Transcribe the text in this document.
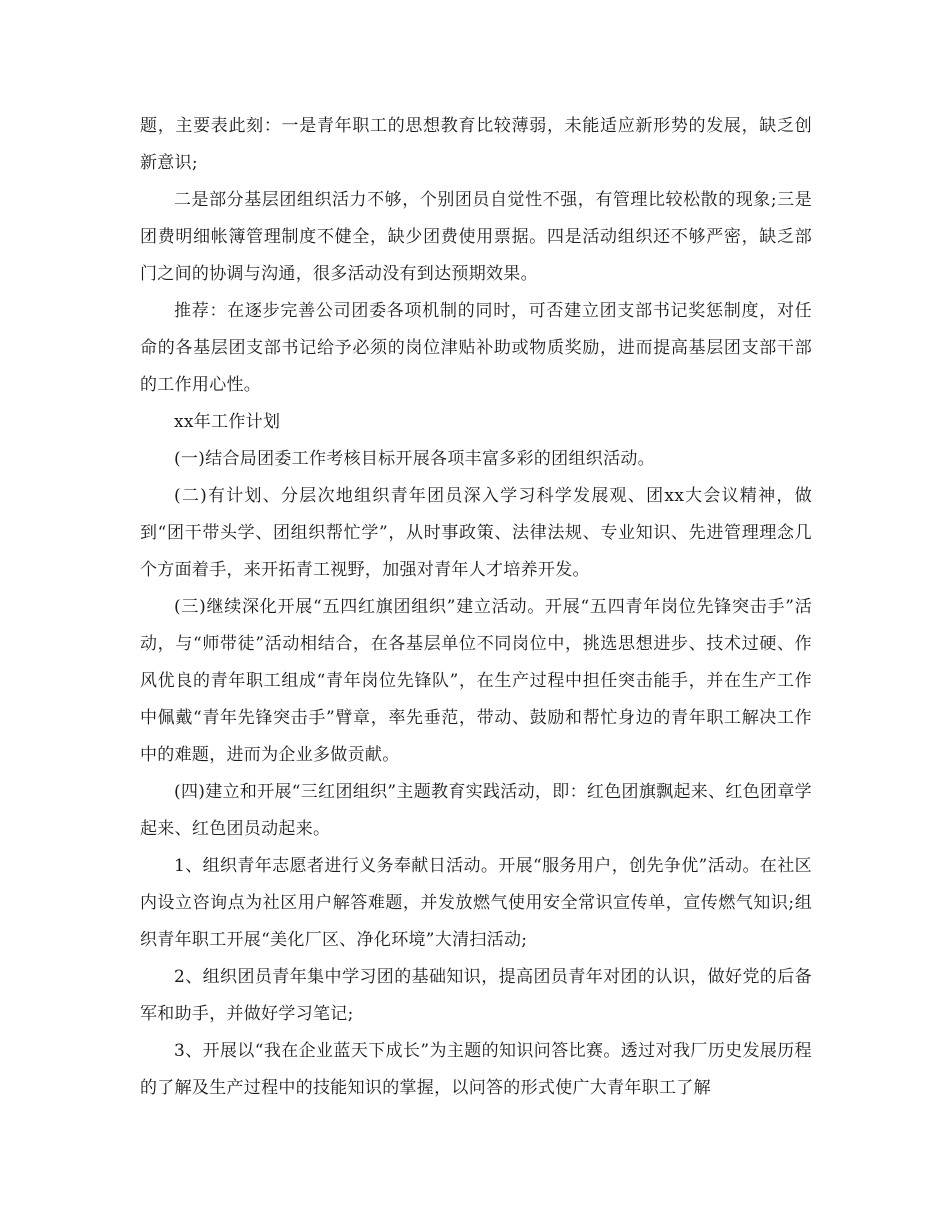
题，主要表此刻：一是青年职工的思想教育比较薄弱，未能适应新形势的发展，缺乏创新意识;

二是部分基层团组织活力不够，个别团员自觉性不强，有管理比较松散的现象;三是团费明细帐簿管理制度不健全，缺少团费使用票据。四是活动组织还不够严密，缺乏部门之间的协调与沟通，很多活动没有到达预期效果。

推荐：在逐步完善公司团委各项机制的同时，可否建立团支部书记奖惩制度，对任命的各基层团支部书记给予必须的岗位津贴补助或物质奖励，进而提高基层团支部干部的工作用心性。

xx年工作计划

(一)结合局团委工作考核目标开展各项丰富多彩的团组织活动。

(二)有计划、分层次地组织青年团员深入学习科学发展观、团xx大会议精神，做到“团干带头学、团组织帮忙学”，从时事政策、法律法规、专业知识、先进管理理念几个方面着手，来开拓青工视野，加强对青年人才培养开发。

(三)继续深化开展“五四红旗团组织”建立活动。开展“五四青年岗位先锋突击手”活动，与“师带徒”活动相结合，在各基层单位不同岗位中，挑选思想进步、技术过硬、作风优良的青年职工组成“青年岗位先锋队”，在生产过程中担任突击能手，并在生产工作中佩戴“青年先锋突击手”臂章，率先垂范，带动、鼓励和帮忙身边的青年职工解决工作中的难题，进而为企业多做贡献。

(四)建立和开展“三红团组织”主题教育实践活动，即：红色团旗飘起来、红色团章学起来、红色团员动起来。

1、组织青年志愿者进行义务奉献日活动。开展“服务用户，创先争优”活动。在社区内设立咨询点为社区用户解答难题，并发放燃气使用安全常识宣传单，宣传燃气知识;组织青年职工开展“美化厂区、净化环境”大清扫活动;

2、组织团员青年集中学习团的基础知识，提高团员青年对团的认识，做好党的后备军和助手，并做好学习笔记;

3、开展以“我在企业蓝天下成长”为主题的知识问答比赛。透过对我厂历史发展历程的了解及生产过程中的技能知识的掌握，以问答的形式使广大青年职工了解
